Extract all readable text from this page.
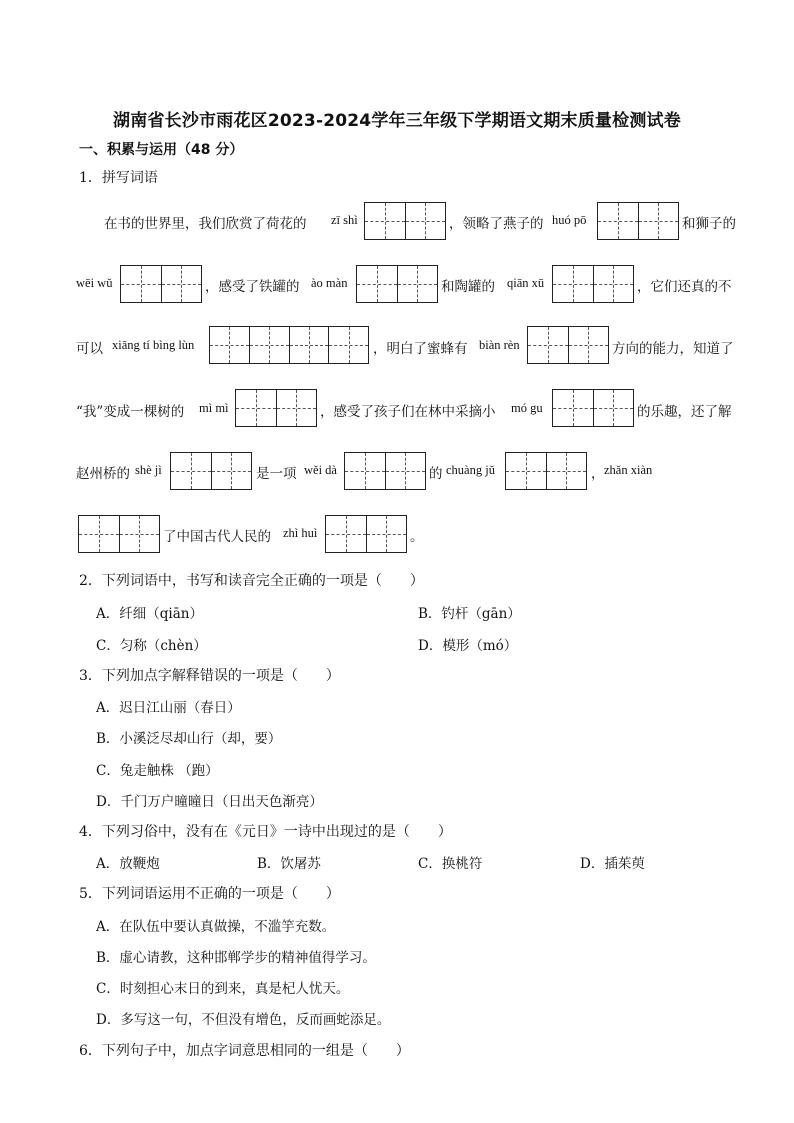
湖南省长沙市雨花区2023-2024学年三年级下学期语文期末质量检测试卷
一、积累与运用（48 分）
1．拼写词语
在书的世界里，我们欣赏了荷花的 zī shì	，领略了燕子的 huó pō	和狮子的
wēi wǔ	，感受了铁罐的 ào màn	和陶罐的 qiān xū	，它们还真的不
可以 xiāng tí bìng lùn	，明白了蜜蜂有 biàn rèn	方向的能力，知道了
“我”变成一棵树的 mì mì	，感受了孩子们在林中采摘小 mó gu	的乐趣，还了解
赵州桥的 shè jì	是一项 wěi dà	的 chuàng jǔ	， zhǎn xiàn
了中国古代人民的 zhì huì	。
2．下列词语中，书写和读音完全正确的一项是（　　）
A．纤细（qiān）	B．钓杆（gān）
C．匀称（chèn）	D．模形（mó）
3．下列加点字解释错误的一项是（　　）
A．迟日江山丽（春日）
B．小溪泛尽却山行（却，要）
C．兔走触株 （跑）
D．千门万户曈曈日（日出天色渐亮）
4．下列习俗中，没有在《元日》一诗中出现过的是（　　）
A．放鞭炮	B．饮屠苏	C．换桃符	D．插茱萸
5．下列词语运用不正确的一项是（　　）
A．在队伍中要认真做操，不滥竽充数。
B．虚心请教，这种邯郸学步的精神值得学习。
C．时刻担心末日的到来，真是杞人忧天。
D．多写这一句，不但没有增色，反而画蛇添足。
6．下列句子中，加点字词意思相同的一组是（　　）
